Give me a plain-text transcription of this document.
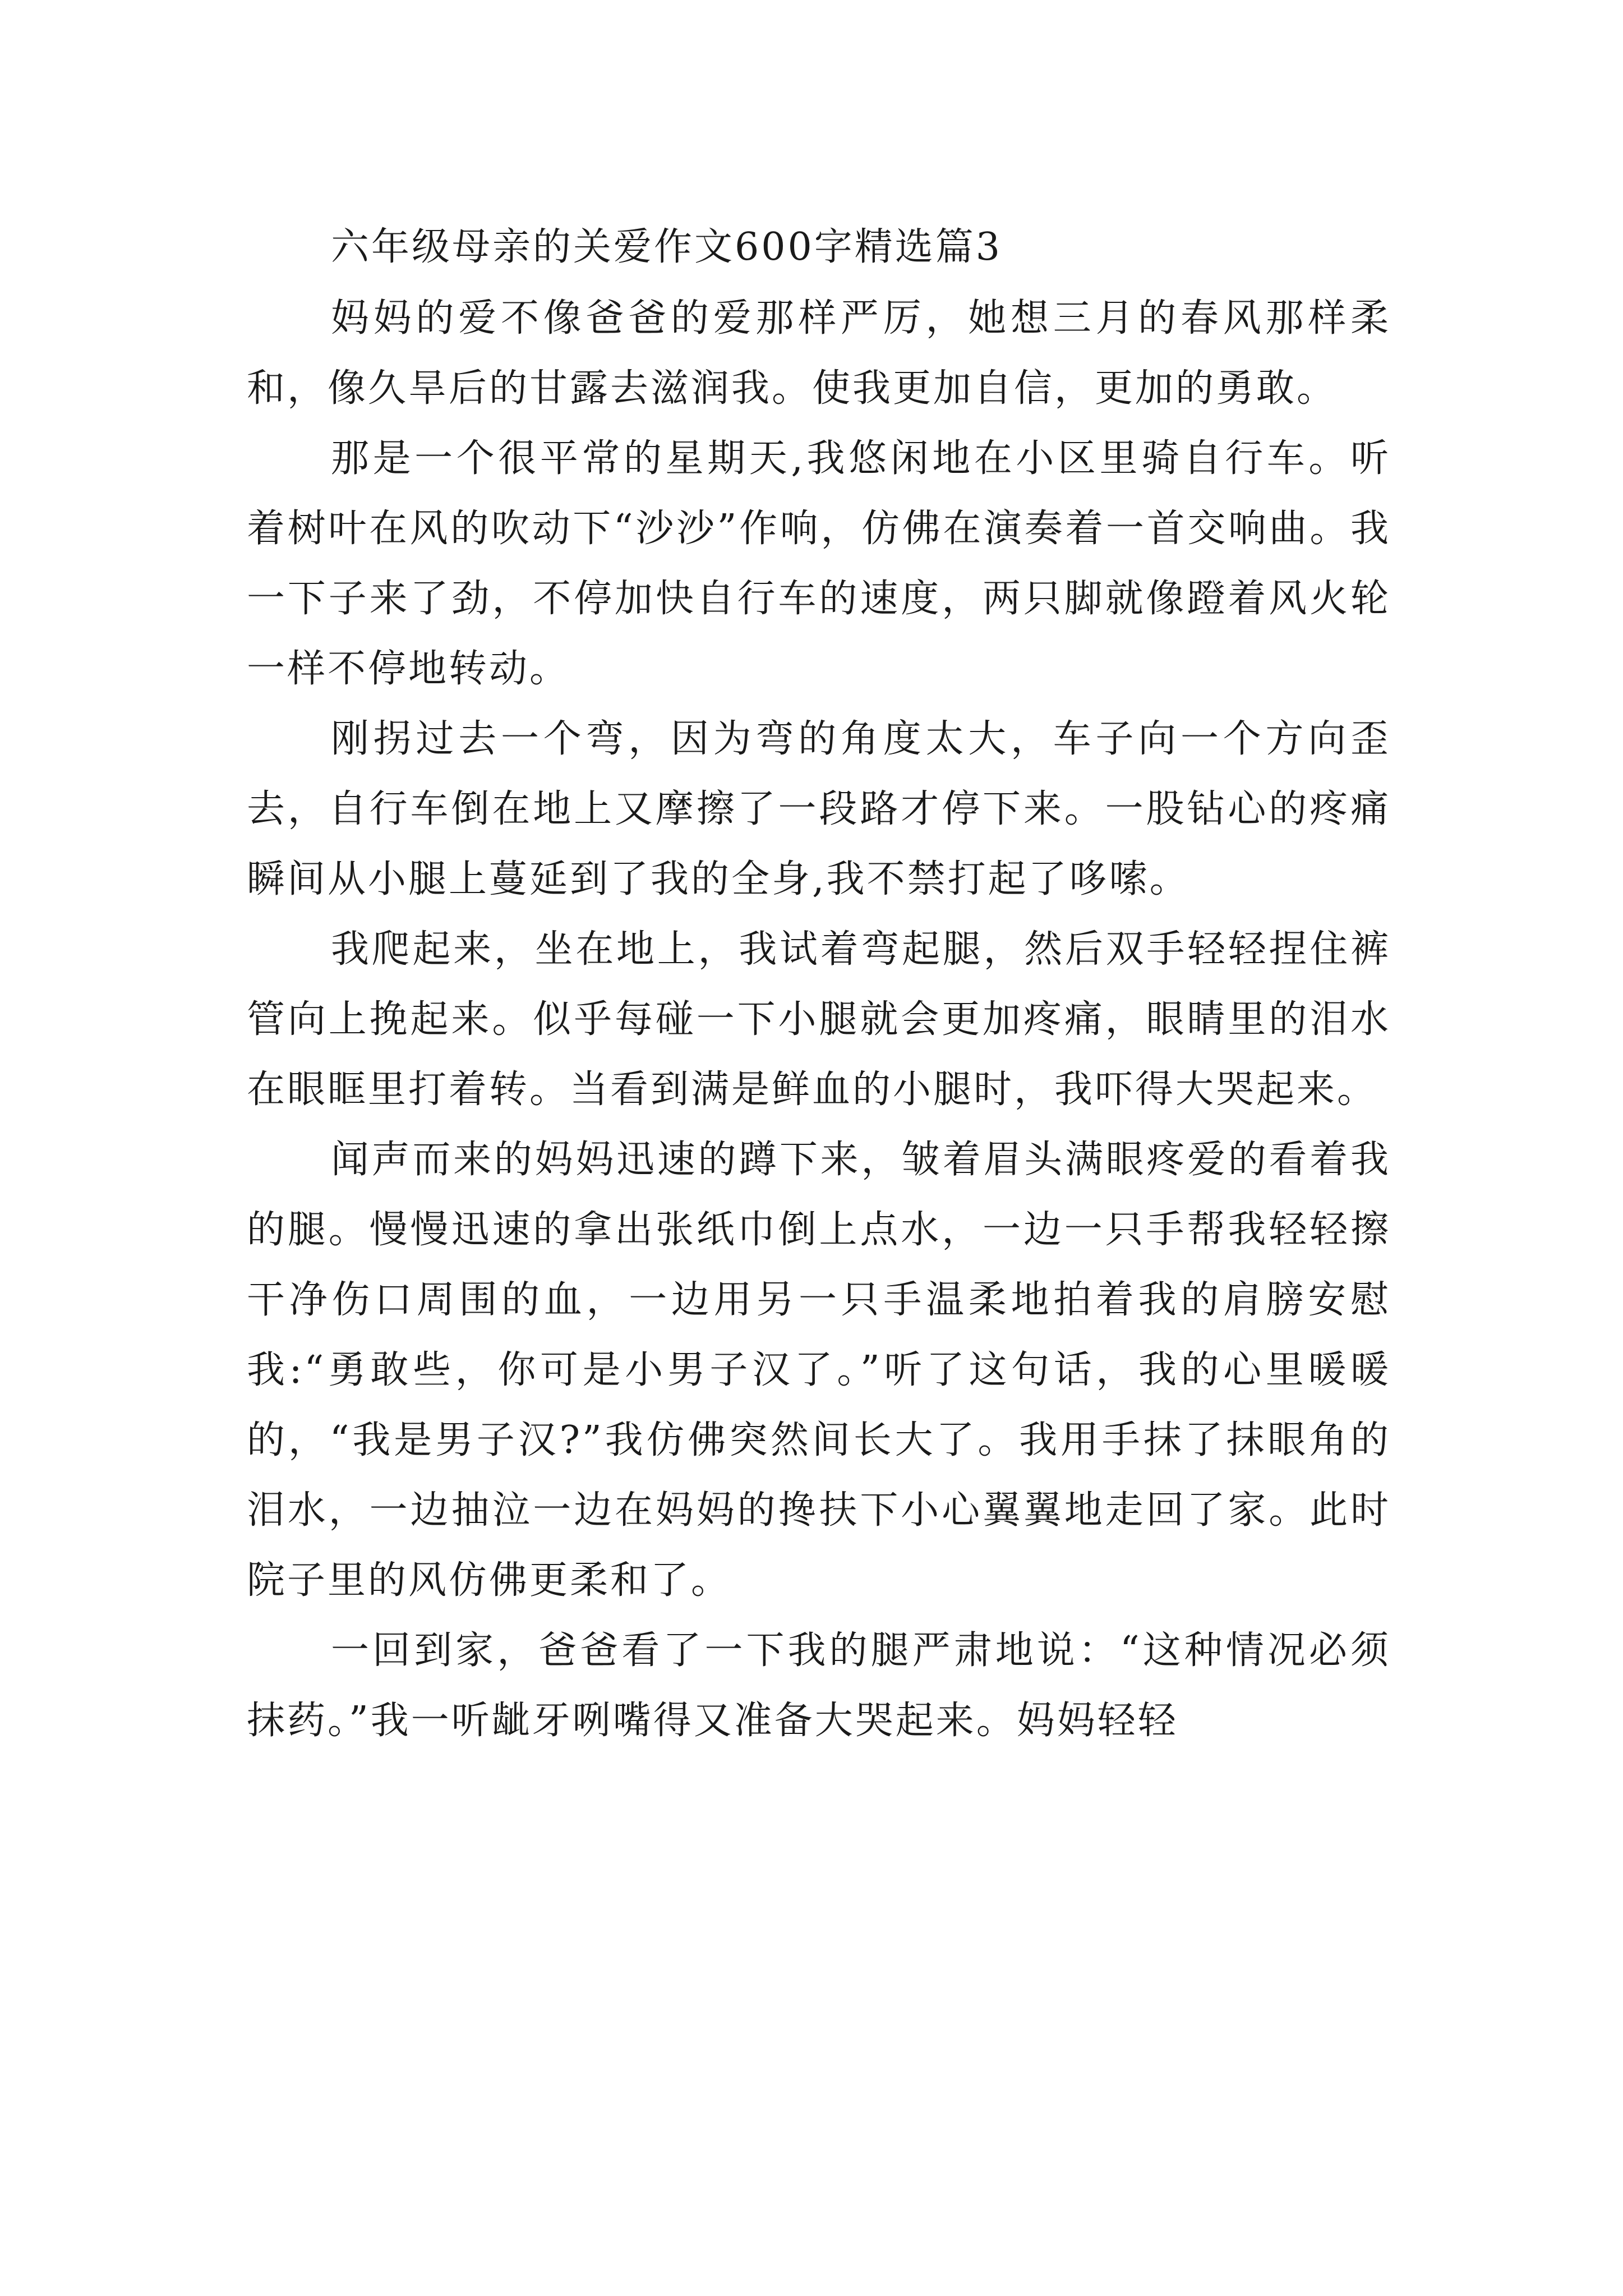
六年级母亲的关爱作文600字精选篇3

妈妈的爱不像爸爸的爱那样严厉，她想三月的春风那样柔和，像久旱后的甘露去滋润我。使我更加自信，更加的勇敢。

那是一个很平常的星期天,我悠闲地在小区里骑自行车。听着树叶在风的吹动下“沙沙”作响，仿佛在演奏着一首交响曲。我一下子来了劲，不停加快自行车的速度，两只脚就像蹬着风火轮一样不停地转动。

刚拐过去一个弯，因为弯的角度太大，车子向一个方向歪去，自行车倒在地上又摩擦了一段路才停下来。一股钻心的疼痛瞬间从小腿上蔓延到了我的全身,我不禁打起了哆嗦。

我爬起来，坐在地上，我试着弯起腿，然后双手轻轻捏住裤管向上挽起来。似乎每碰一下小腿就会更加疼痛，眼睛里的泪水在眼眶里打着转。当看到满是鲜血的小腿时，我吓得大哭起来。

闻声而来的妈妈迅速的蹲下来，皱着眉头满眼疼爱的看着我的腿。慢慢迅速的拿出张纸巾倒上点水，一边一只手帮我轻轻擦干净伤口周围的血，一边用另一只手温柔地拍着我的肩膀安慰我:“勇敢些，你可是小男子汉了。”听了这句话，我的心里暖暖的，“我是男子汉?”我仿佛突然间长大了。我用手抹了抹眼角的泪水，一边抽泣一边在妈妈的搀扶下小心翼翼地走回了家。此时院子里的风仿佛更柔和了。

一回到家，爸爸看了一下我的腿严肃地说：“这种情况必须抹药。”我一听龇牙咧嘴得又准备大哭起来。妈妈轻轻
